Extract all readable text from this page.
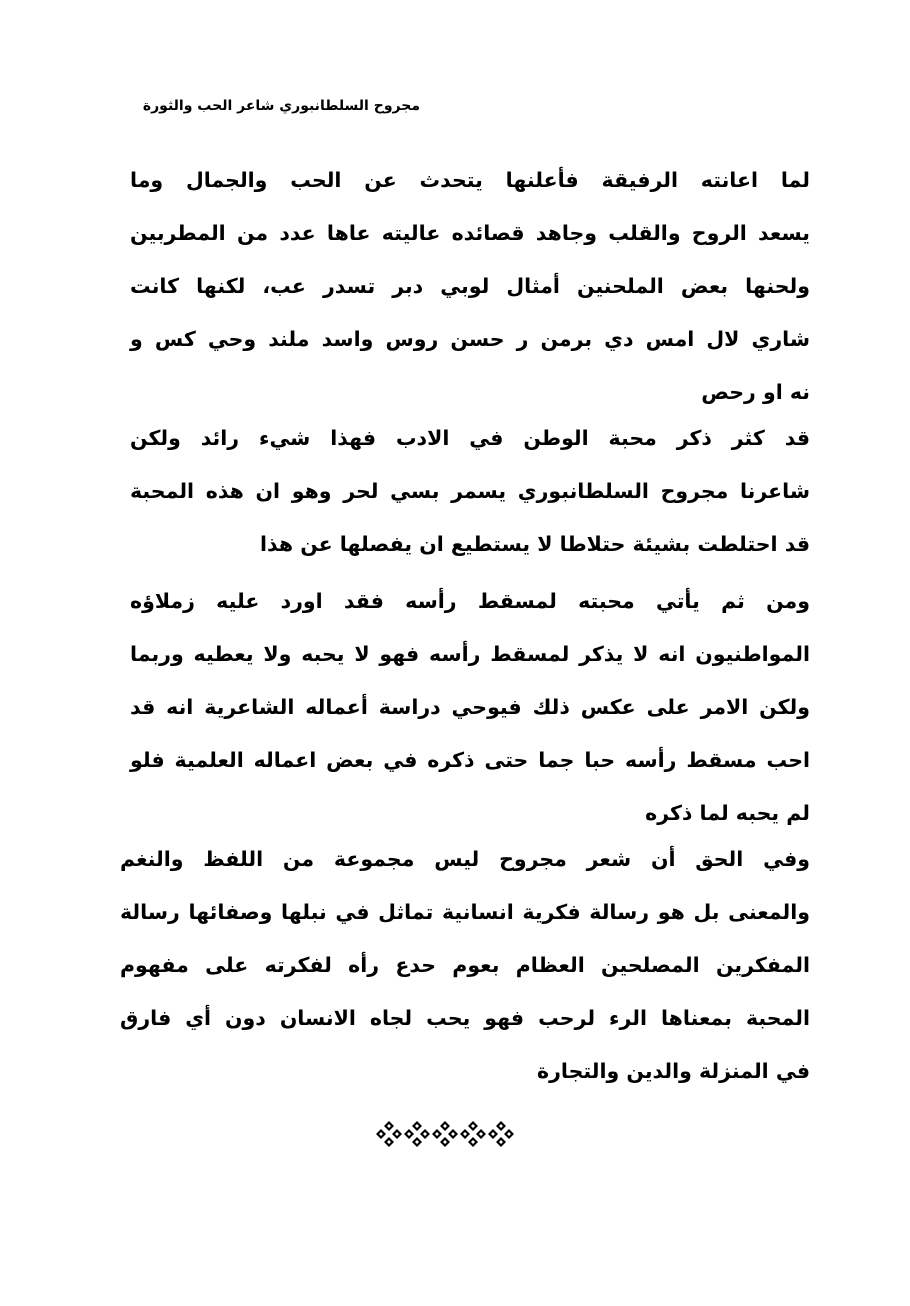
مجروح السلطانبوري شاعر الحب والثورة
لما اعانته الرفيقة فأعلنها يتحدث عن الحب والجمال وما
يسعد الروح والقلب وجاهد قصائده عاليته عاها عدد من المطربين
ولحنها بعض الملحنين أمثال لوبي دبر تسدر عب، لكنها كانت
شاري لال امس دي برمن ر حسن روس واسد ملند وحي كس و
نه او رحص
قد كثر ذكر محبة الوطن في الادب فهذا شيء رائد ولكن
شاعرنا مجروح السلطانبوري يسمر بسي لحر وهو ان هذه المحبة
قد احتلطت بشيئة حتلاطا لا يستطيع ان يفصلها عن هذا
ومن ثم يأتي محبته لمسقط رأسه فقد اورد عليه زملاؤه
المواطنيون انه لا يذكر لمسقط رأسه فهو لا يحبه ولا يعطيه وربما
ولكن الامر على عكس ذلك فيوحي دراسة أعماله الشاعرية انه قد
احب مسقط رأسه حبا جما حتى ذكره في بعض اعماله العلمية فلو
لم يحبه لما ذكره
وفي الحق أن شعر مجروح ليس مجموعة من اللفظ والنغم
والمعنى بل هو رسالة فكرية انسانية تماثل في نبلها وصفائها رسالة
المفكرين المصلحين العظام بعوم حدع رأه لفكرته على مفهوم
المحبة بمعناها الرء لرحب فهو يحب لجاه الانسان دون أي فارق
في المنزلة والدين والتجارة
